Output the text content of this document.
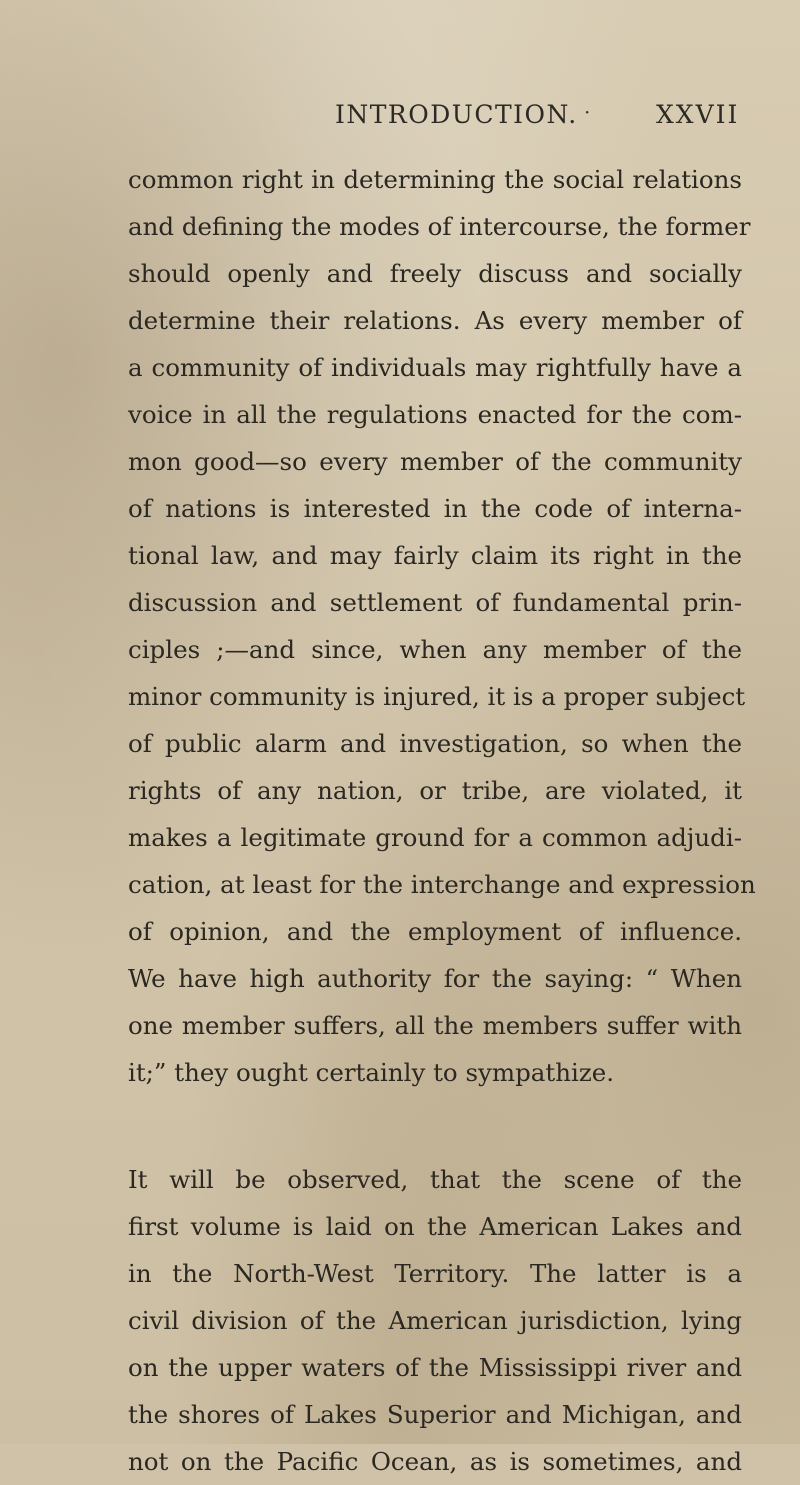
INTRODUCTION. ·	XXVII
common right in determining the social relations
and defining the modes of intercourse, the former
should openly and freely discuss and socially
determine their relations. As every member of
a community of individuals may rightfully have a
voice in all the regulations enacted for the com-
mon good—so every member of the community
of nations is interested in the code of interna-
tional law, and may fairly claim its right in the
discussion and settlement of fundamental prin-
ciples ;—and since, when any member of the
minor community is injured, it is a proper subject
of public alarm and investigation, so when the
rights of any nation, or tribe, are violated, it
makes a legitimate ground for a common adjudi-
cation, at least for the interchange and expression
of opinion, and the employment of influence.
We have high authority for the saying: “ When
one member suffers, all the members suffer with
it;” they ought certainly to sympathize.
It will be observed, that the scene of the
first volume is laid on the American Lakes and
in the North-West Territory. The latter is a
civil division of the American jurisdiction, lying
on the upper waters of the Mississippi river and
the shores of Lakes Superior and Michigan, and
not on the Pacific Ocean, as is sometimes, and
